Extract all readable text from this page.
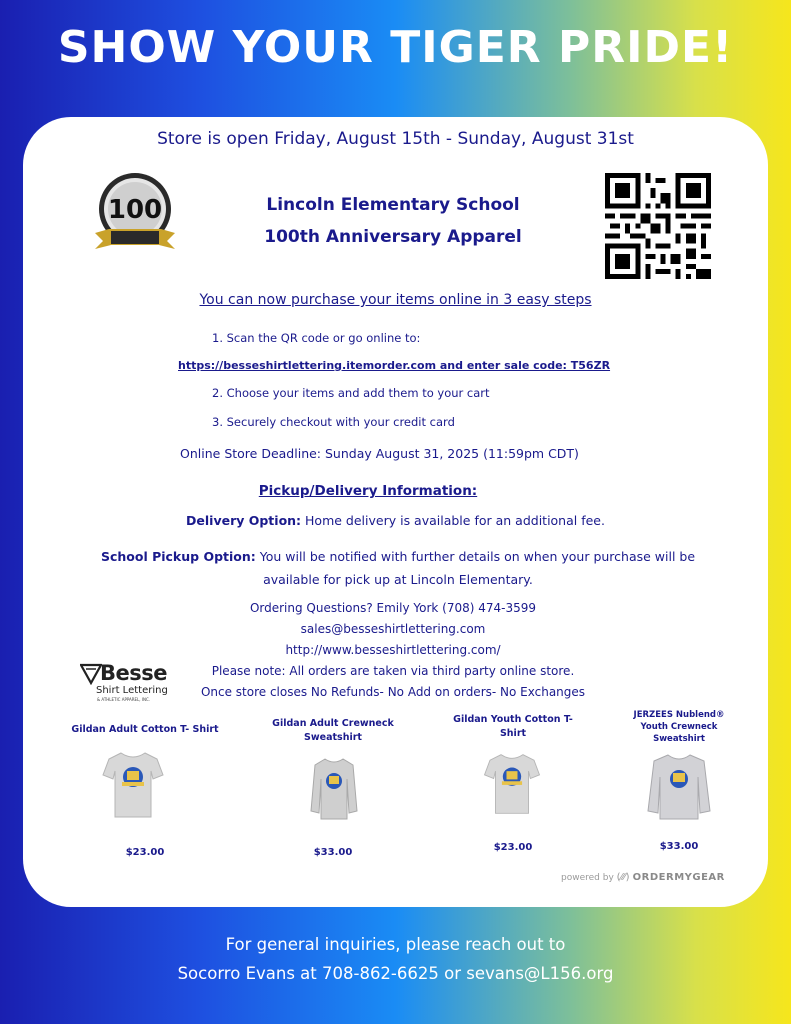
SHOW YOUR TIGER PRIDE!
Store is open Friday, August 15th - Sunday, August 31st
100	Lincoln Elementary School
100th Anniversary Apparel
You can now purchase your items online in 3 easy steps
1. Scan the QR code or go online to:
https://besseshirtlettering.itemorder.com and enter sale code: T56ZR
2. Choose your items and add them to your cart
3. Securely checkout with your credit card
Online Store Deadline: Sunday August 31, 2025 (11:59pm CDT)
Pickup/Delivery Information:
Delivery Option: Home delivery is available for an additional fee.
School Pickup Option: You will be notified with further details on when your purchase will be available for pick up at Lincoln Elementary.
Ordering Questions? Emily York (708) 474-3599
sales@besseshirtlettering.com
http://www.besseshirtlettering.com/
Please note: All orders are taken via third party online store.
Once store closes No Refunds- No Add on orders- No Exchanges
Besse
Shirt Lettering
& ATHLETIC APPAREL, INC.
Gildan Adult Cotton T- Shirt
$23.00
Gildan Adult Crewneck Sweatshirt
$33.00
Gildan Youth Cotton T-Shirt
$23.00
JERZEES Nublend® Youth Crewneck Sweatshirt
$33.00
powered by (⁄⁄⁄) ORDERMYGEAR
For general inquiries, please reach out to
Socorro Evans at 708-862-6625 or sevans@L156.org
